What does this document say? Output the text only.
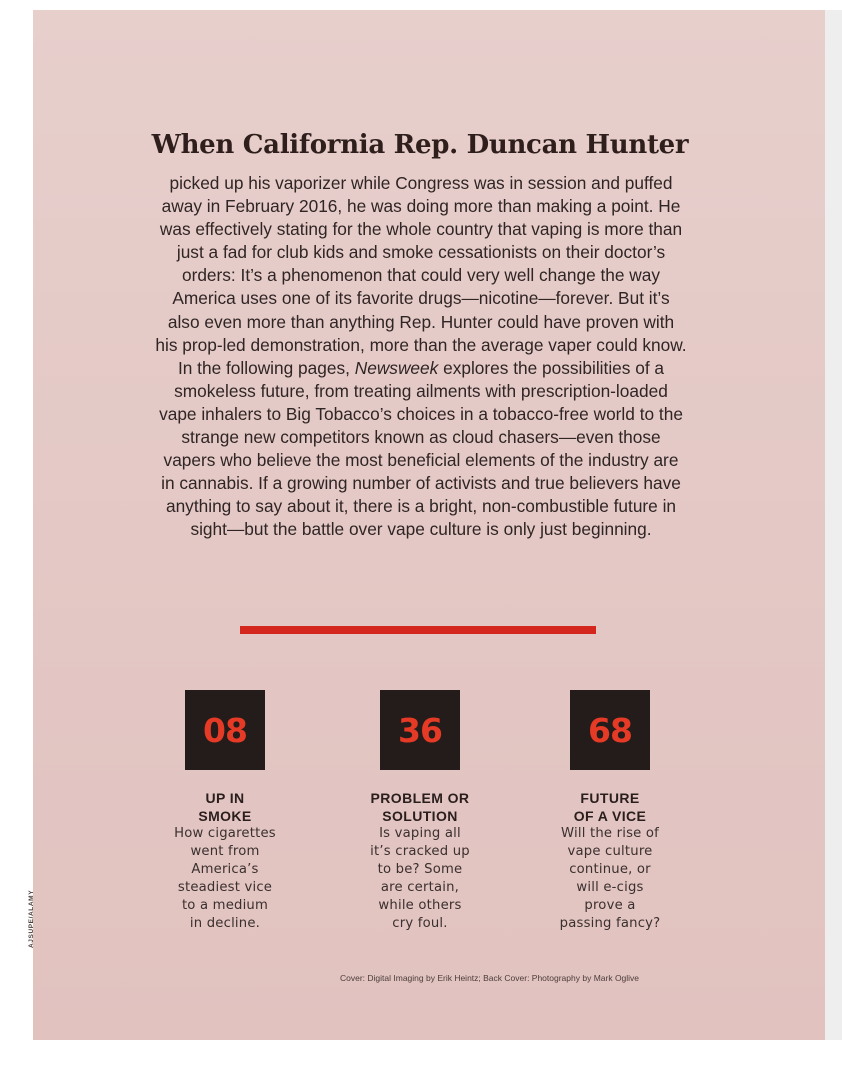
When California Rep. Duncan Hunter

picked up his vaporizer while Congress was in session and puffed away in February 2016, he was doing more than making a point. He was effectively stating for the whole country that vaping is more than just a fad for club kids and smoke cessationists on their doctor’s orders: It’s a phenomenon that could very well change the way America uses one of its favorite drugs—nicotine—forever. But it’s also even more than anything Rep. Hunter could have proven with his prop-led demonstration, more than the average vaper could know. In the following pages, Newsweek explores the possibilities of a smokeless future, from treating ailments with prescription-loaded vape inhalers to Big Tobacco’s choices in a tobacco-free world to the strange new competitors known as cloud chasers—even those vapers who believe the most beneficial elements of the industry are in cannabis. If a growing number of activists and true believers have anything to say about it, there is a bright, non-combustible future in sight—but the battle over vape culture is only just beginning.

08
UP IN
SMOKE
How cigarettes
went from
America’s
steadiest vice
to a medium
in decline.
36
PROBLEM OR
SOLUTION
Is vaping all
it’s cracked up
to be? Some
are certain,
while others
cry foul.
68
FUTURE
OF A VICE
Will the rise of
vape culture
continue, or
will e-cigs
prove a
passing fancy?
Cover: Digital Imaging by Erik Heintz; Back Cover: Photography by Mark Oglive
AJSUPE/ALAMY
